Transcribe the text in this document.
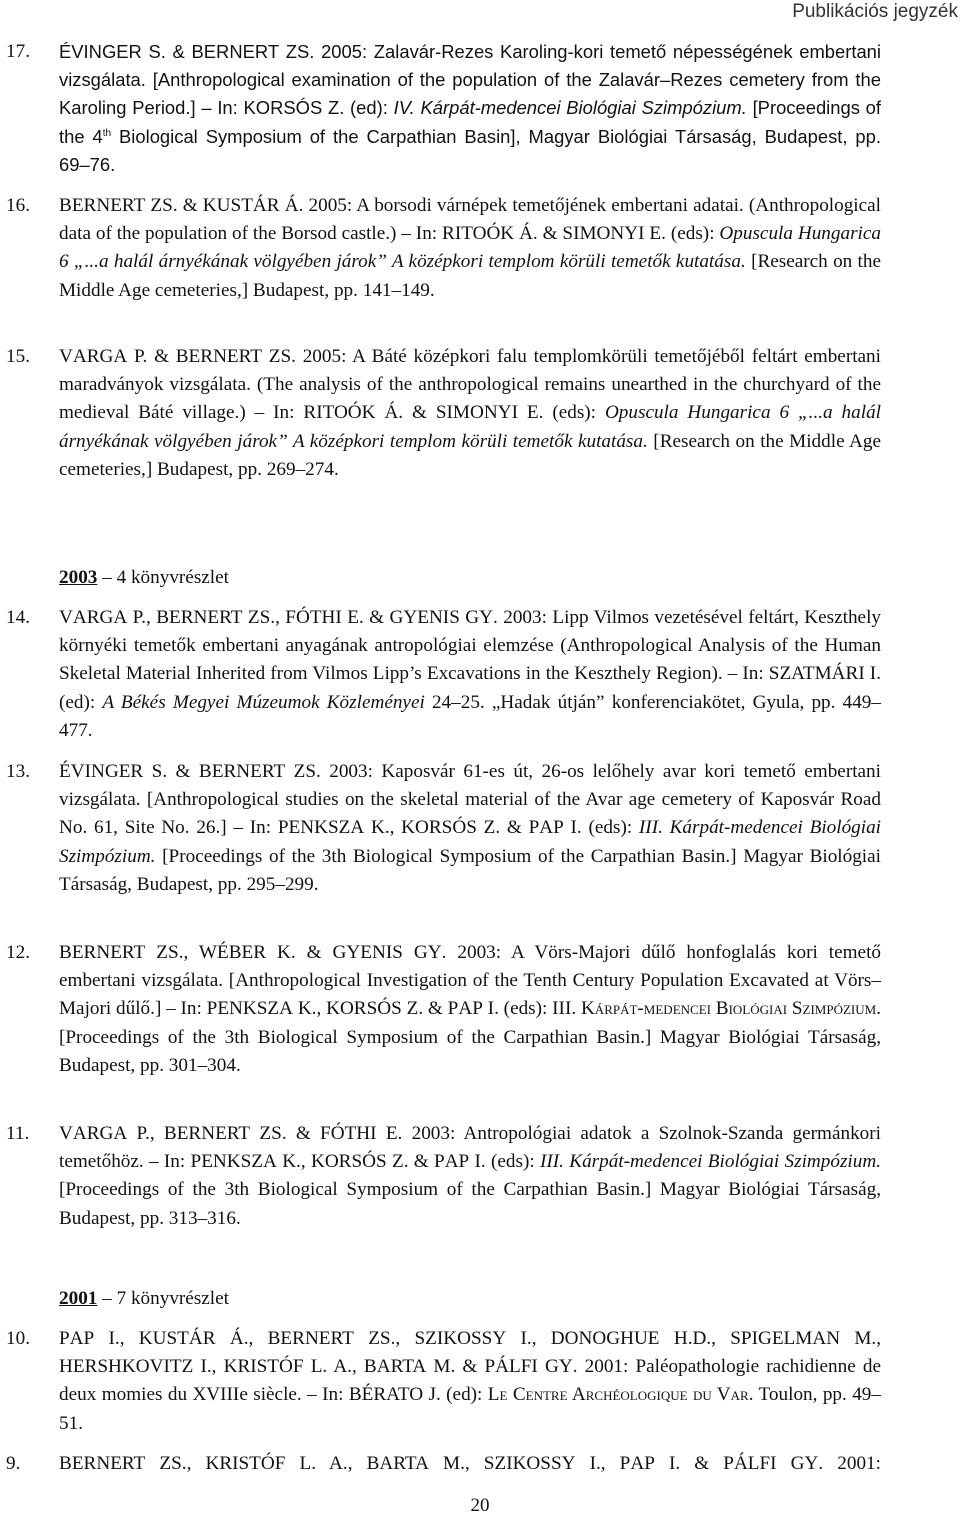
Publikációs jegyzék
17. ÉVINGER S. & BERNERT ZS. 2005: Zalavár-Rezes Karoling-kori temető népességének embertani vizsgálata. [Anthropological examination of the population of the Zalavár–Rezes cemetery from the Karoling Period.] – In: KORSÓS Z. (ed): IV. Kárpát-medencei Biológiai Szimpózium. [Proceedings of the 4th Biological Symposium of the Carpathian Basin], Magyar Biológiai Társaság, Budapest, pp. 69–76.
16. BERNERT ZS. & KUSTÁR Á. 2005: A borsodi várnépek temetőjének embertani adatai. (Anthropological data of the population of the Borsod castle.) – In: RITOÓK Á. & SIMONYI E. (eds): Opuscula Hungarica 6 „...a halál árnyékának völgyében járok” A középkori templom körüli temetők kutatása. [Research on the Middle Age cemeteries,] Budapest, pp. 141–149.
15. VARGA P. & BERNERT ZS. 2005: A Báté középkori falu templomkörüli temetőjéből feltárt embertani maradványok vizsgálata. (The analysis of the anthropological remains unearthed in the churchyard of the medieval Báté village.) – In: RITOÓK Á. & SIMONYI E. (eds): Opuscula Hungarica 6 „...a halál árnyékának völgyében járok” A középkori templom körüli temetők kutatása. [Research on the Middle Age cemeteries,] Budapest, pp. 269–274.
2003 – 4 könyvrészlet
14. VARGA P., BERNERT ZS., FÓTHI E. & GYENIS GY. 2003: Lipp Vilmos vezetésével feltárt, Keszthely környéki temetők embertani anyagának antropológiai elemzése (Anthropological Analysis of the Human Skeletal Material Inherited from Vilmos Lipp’s Excavations in the Keszthely Region). – In: SZATMÁRI I. (ed): A Békés Megyei Múzeumok Közleményei 24–25. „Hadak útján” konferenciakötet, Gyula, pp. 449–477.
13. ÉVINGER S. & BERNERT ZS. 2003: Kaposvár 61-es út, 26-os lelőhely avar kori temető embertani vizsgálata. [Anthropological studies on the skeletal material of the Avar age cemetery of Kaposvár Road No. 61, Site No. 26.] – In: PENKSZA K., KORSÓS Z. & PAP I. (eds): III. Kárpát-medencei Biológiai Szimpózium. [Proceedings of the 3th Biological Symposium of the Carpathian Basin.] Magyar Biológiai Társaság, Budapest, pp. 295–299.
12. BERNERT ZS., WÉBER K. & GYENIS GY. 2003: A Vörs-Majori dűlő honfoglalás kori temető embertani vizsgálata. [Anthropological Investigation of the Tenth Century Population Excavated at Vörs–Majori dűlő.] – In: PENKSZA K., KORSÓS Z. & PAP I. (eds): III. Kárpát-medencei Biológiai Szimpózium. [Proceedings of the 3th Biological Symposium of the Carpathian Basin.] Magyar Biológiai Társaság, Budapest, pp. 301–304.
11. VARGA P., BERNERT ZS. & FÓTHI E. 2003: Antropológiai adatok a Szolnok-Szanda germánkori temetőhöz. – In: PENKSZA K., KORSÓS Z. & PAP I. (eds): III. Kárpát-medencei Biológiai Szimpózium. [Proceedings of the 3th Biological Symposium of the Carpathian Basin.] Magyar Biológiai Társaság, Budapest, pp. 313–316.
2001 – 7 könyvrészlet
10. PAP I., KUSTÁR Á., BERNERT ZS., SZIKOSSY I., DONOGHUE H.D., SPIGELMAN M., HERSHKOVITZ I., KRISTÓF L. A., BARTA M. & PÁLFI GY. 2001: Paléopathologie rachidienne de deux momies du XVIIIe siècle. – In: BÉRATO J. (ed): Le Centre Archéologique du Var. Toulon, pp. 49–51.
9. BERNERT ZS., KRISTÓF L. A., BARTA M., SZIKOSSY I., PAP I. & PÁLFI GY. 2001:
20
